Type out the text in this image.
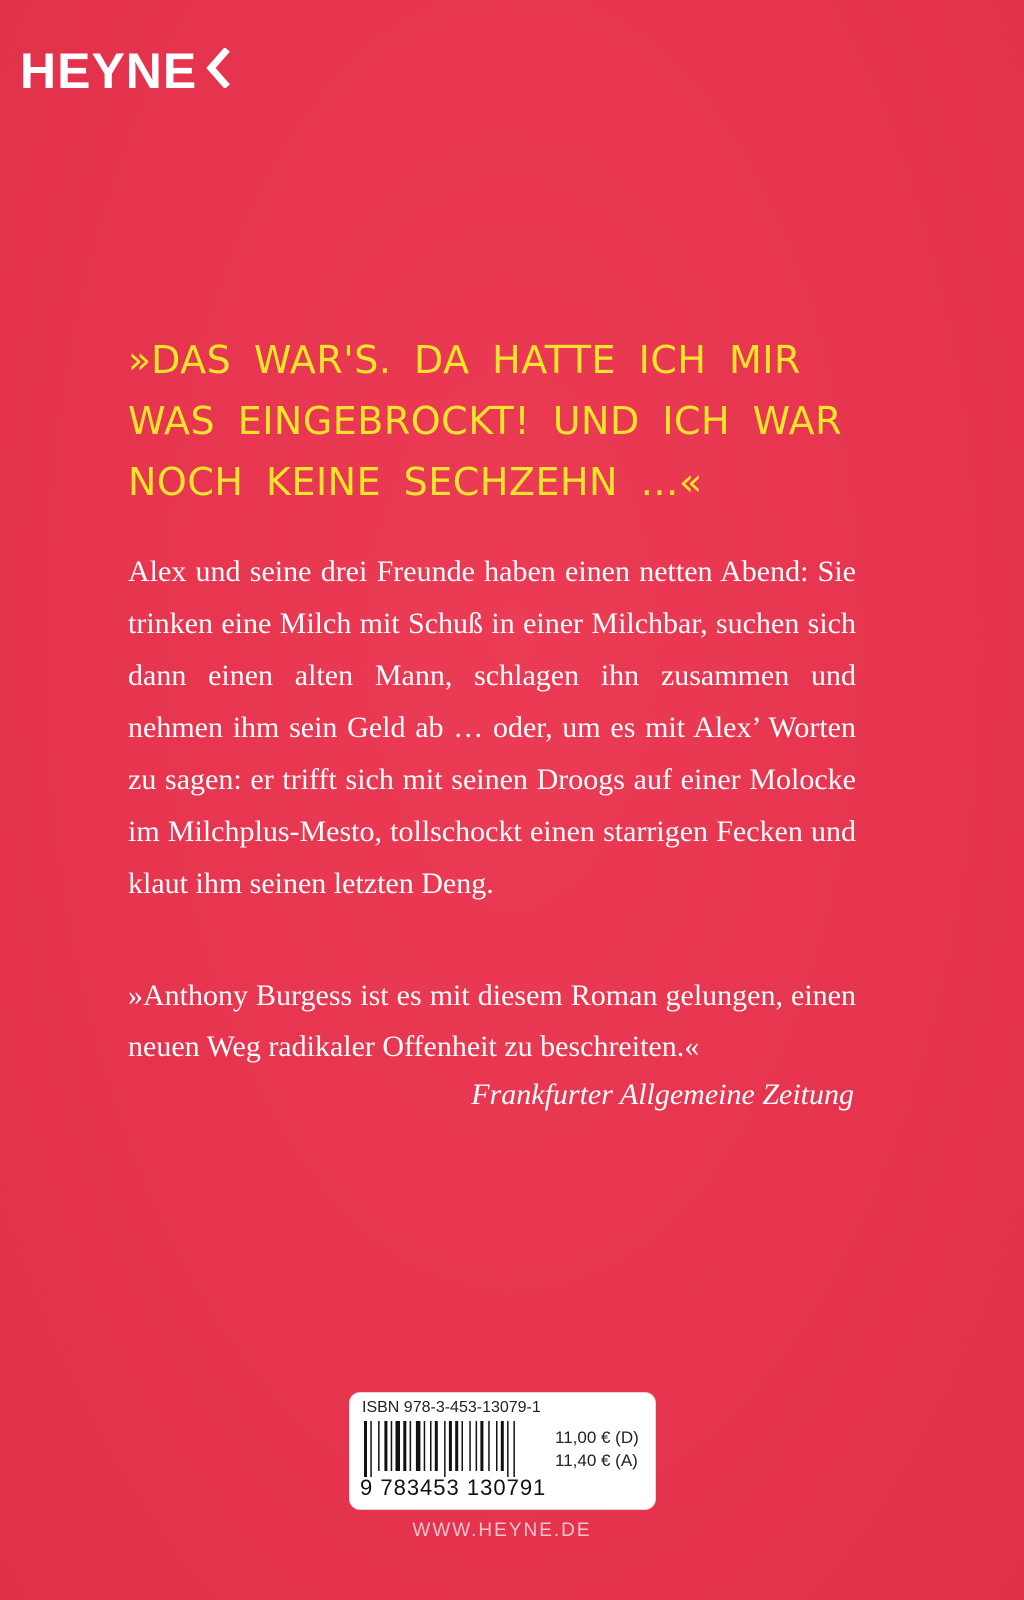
HEYNE
»DAS WAR'S. DA HATTE ICH MIR
WAS EINGEBROCKT! UND ICH WAR
NOCH KEINE SECHZEHN …«
Alex und seine drei Freunde haben einen netten Abend: Sie trinken eine Milch mit Schuß in einer Milchbar, suchen sich dann einen alten Mann, schlagen ihn zusammen und nehmen ihm sein Geld ab … oder, um es mit Alex’ Worten zu sagen: er trifft sich mit seinen Droogs auf einer Molocke im Milchplus-Mesto, tollschockt einen starrigen Fecken und klaut ihm seinen letzten Deng.
»Anthony Burgess ist es mit diesem Roman gelungen, einen neuen Weg radikaler Offenheit zu beschreiten.«
Frankfurter Allgemeine Zeitung
ISBN 978-3-453-13079-1
9 783453 130791
11,00 € (D)
11,40 € (A)
WWW.HEYNE.DE
